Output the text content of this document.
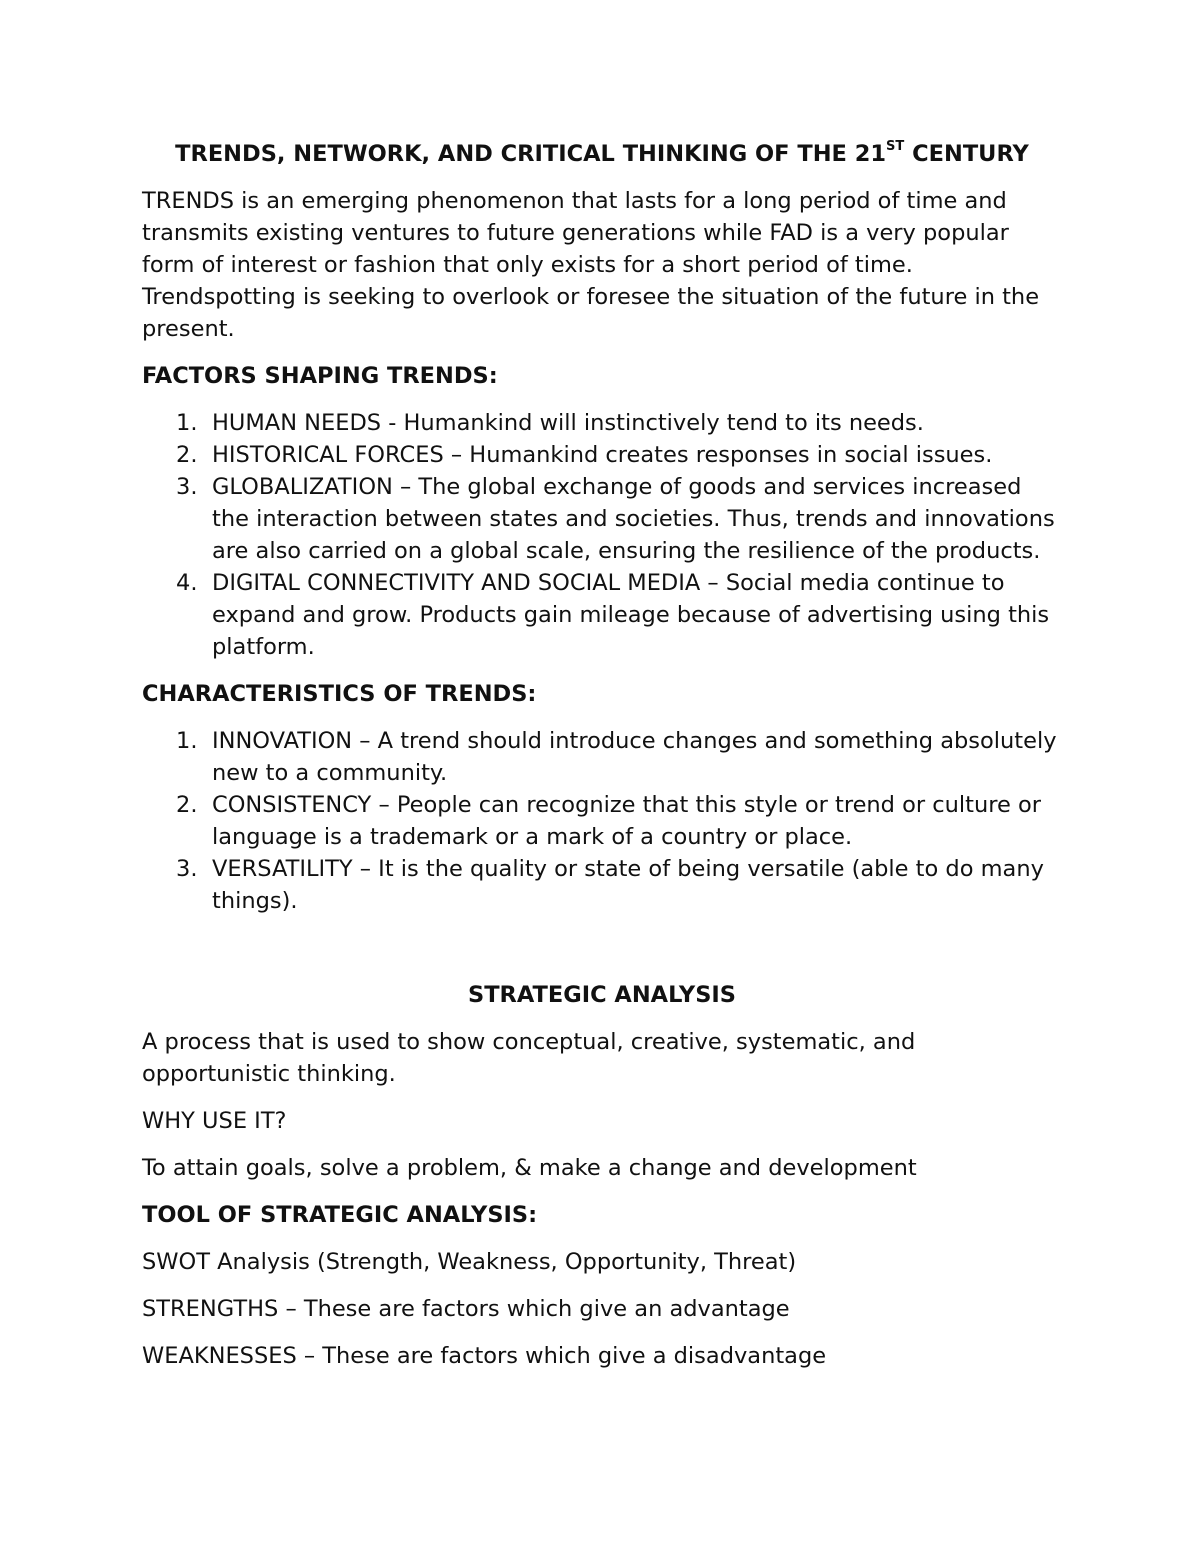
TRENDS, NETWORK, AND CRITICAL THINKING OF THE 21ST CENTURY

TRENDS is an emerging phenomenon that lasts for a long period of time and transmits existing ventures to future generations while FAD is a very popular form of interest or fashion that only exists for a short period of time. Trendspotting is seeking to overlook or foresee the situation of the future in the present.

FACTORS SHAPING TRENDS:
1. HUMAN NEEDS - Humankind will instinctively tend to its needs.
2. HISTORICAL FORCES – Humankind creates responses in social issues.
3. GLOBALIZATION – The global exchange of goods and services increased the interaction between states and societies. Thus, trends and innovations are also carried on a global scale, ensuring the resilience of the products.
4. DIGITAL CONNECTIVITY AND SOCIAL MEDIA – Social media continue to expand and grow. Products gain mileage because of advertising using this platform.
CHARACTERISTICS OF TRENDS:
1. INNOVATION – A trend should introduce changes and something absolutely new to a community.
2. CONSISTENCY – People can recognize that this style or trend or culture or language is a trademark or a mark of a country or place.
3. VERSATILITY – It is the quality or state of being versatile (able to do many things).
STRATEGIC ANALYSIS

A process that is used to show conceptual, creative, systematic, and opportunistic thinking.

WHY USE IT?

To attain goals, solve a problem, & make a change and development

TOOL OF STRATEGIC ANALYSIS:

SWOT Analysis (Strength, Weakness, Opportunity, Threat)

STRENGTHS – These are factors which give an advantage

WEAKNESSES – These are factors which give a disadvantage
